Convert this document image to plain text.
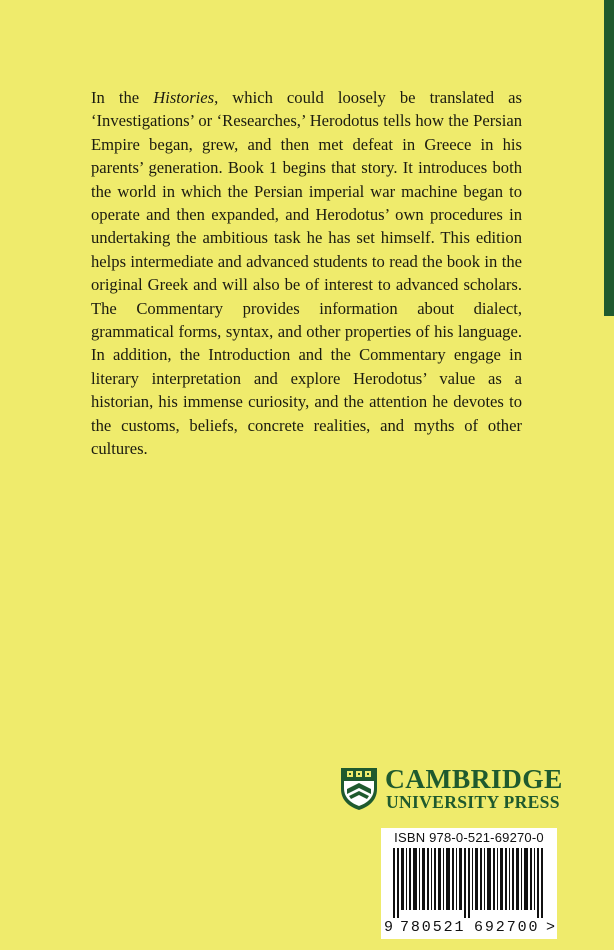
In the Histories, which could loosely be translated as ‘Investigations’ or ‘Researches,’ Herodotus tells how the Persian Empire began, grew, and then met defeat in Greece in his parents’ generation. Book 1 begins that story. It introduces both the world in which the Persian imperial war machine began to operate and then expanded, and Herodotus’ own procedures in undertaking the ambitious task he has set himself. This edition helps intermediate and advanced students to read the book in the original Greek and will also be of interest to advanced scholars. The Commentary provides information about dialect, grammatical forms, syntax, and other properties of his language. In addition, the Introduction and the Commentary engage in literary interpretation and explore Herodotus’ value as a historian, his immense curiosity, and the attention he devotes to the customs, beliefs, concrete realities, and myths of other cultures.

CAMBRIDGE
UNIVERSITY PRESS
ISBN 978-0-521-69270-0
9 780521 692700 >
